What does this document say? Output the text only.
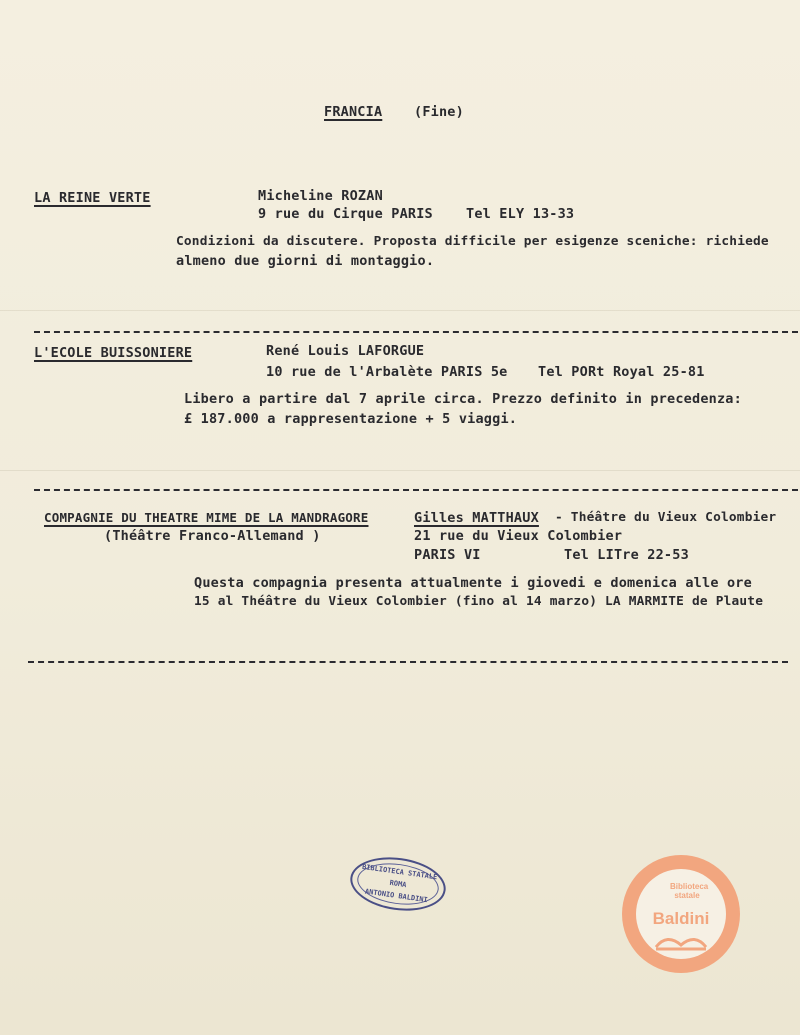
FRANCIA (Fine)
LA REINE VERTE	Micheline ROZAN
9 rue du Cirque PARIS Tel ELY 13-33
Condizioni da discutere. Proposta difficile per esigenze sceniche: richiede
almeno due giorni di montaggio.
L'ECOLE BUISSONIERE	René Louis LAFORGUE
10 rue de l'Arbalète PARIS 5e Tel PORt Royal 25-81
Libero a partire dal 7 aprile circa. Prezzo definito in precedenza:
£ 187.000 a rappresentazione + 5 viaggi.
COMPAGNIE DU THEATRE MIME DE LA MANDRAGORE
(Théâtre Franco-Allemand )
Gilles MATTHAUX - Théâtre du Vieux Colombier
21 rue du Vieux Colombier
PARIS VI	Tel LITre 22-53
Questa compagnia presenta attualmente i giovedi e domenica alle ore
15 al Théâtre du Vieux Colombier (fino al 14 marzo) LA MARMITE de Plaute
BIBLIOTECA STATALE
ROMA
ANTONIO BALDINI
Biblioteca statale
Baldini
